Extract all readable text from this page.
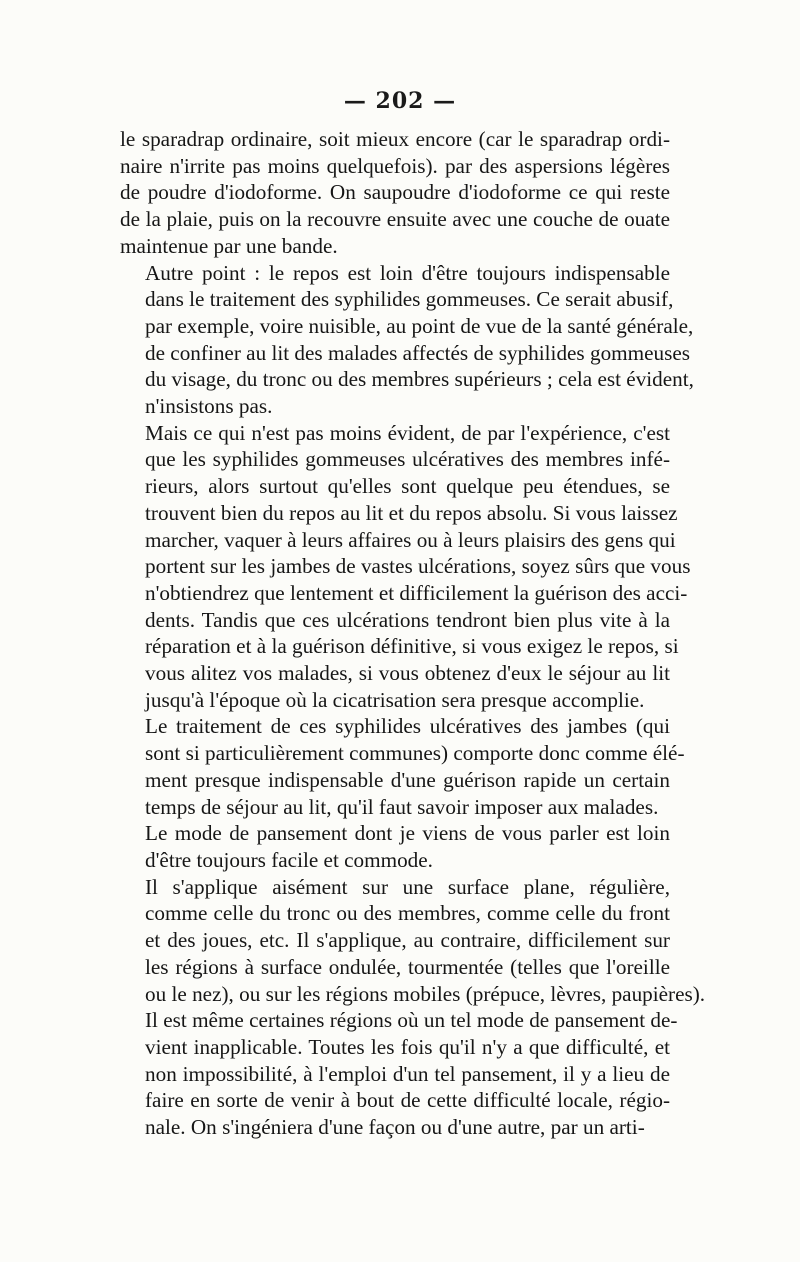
— 202 —

le sparadrap ordinaire, soit mieux encore (car le sparadrap ordi-
naire n'irrite pas moins quelquefois). par des aspersions légères
de poudre d'iodoforme. On saupoudre d'iodoforme ce qui reste
de la plaie, puis on la recouvre ensuite avec une couche de ouate
maintenue par une bande.

Autre point : le repos est loin d'être toujours indispensable
dans le traitement des syphilides gommeuses. Ce serait abusif,
par exemple, voire nuisible, au point de vue de la santé générale,
de confiner au lit des malades affectés de syphilides gommeuses
du visage, du tronc ou des membres supérieurs ; cela est évident,
n'insistons pas.

Mais ce qui n'est pas moins évident, de par l'expérience, c'est
que les syphilides gommeuses ulcératives des membres infé-
rieurs, alors surtout qu'elles sont quelque peu étendues, se
trouvent bien du repos au lit et du repos absolu. Si vous laissez
marcher, vaquer à leurs affaires ou à leurs plaisirs des gens qui
portent sur les jambes de vastes ulcérations, soyez sûrs que vous
n'obtiendrez que lentement et difficilement la guérison des acci-
dents. Tandis que ces ulcérations tendront bien plus vite à la
réparation et à la guérison définitive, si vous exigez le repos, si
vous alitez vos malades, si vous obtenez d'eux le séjour au lit
jusqu'à l'époque où la cicatrisation sera presque accomplie.

Le traitement de ces syphilides ulcératives des jambes (qui
sont si particulièrement communes) comporte donc comme élé-
ment presque indispensable d'une guérison rapide un certain
temps de séjour au lit, qu'il faut savoir imposer aux malades.

Le mode de pansement dont je viens de vous parler est loin
d'être toujours facile et commode.

Il s'applique aisément sur une surface plane, régulière,
comme celle du tronc ou des membres, comme celle du front
et des joues, etc. Il s'applique, au contraire, difficilement sur
les régions à surface ondulée, tourmentée (telles que l'oreille
ou le nez), ou sur les régions mobiles (prépuce, lèvres, paupières).
Il est même certaines régions où un tel mode de pansement de-
vient inapplicable. Toutes les fois qu'il n'y a que difficulté, et
non impossibilité, à l'emploi d'un tel pansement, il y a lieu de
faire en sorte de venir à bout de cette difficulté locale, régio-
nale. On s'ingéniera d'une façon ou d'une autre, par un arti-
